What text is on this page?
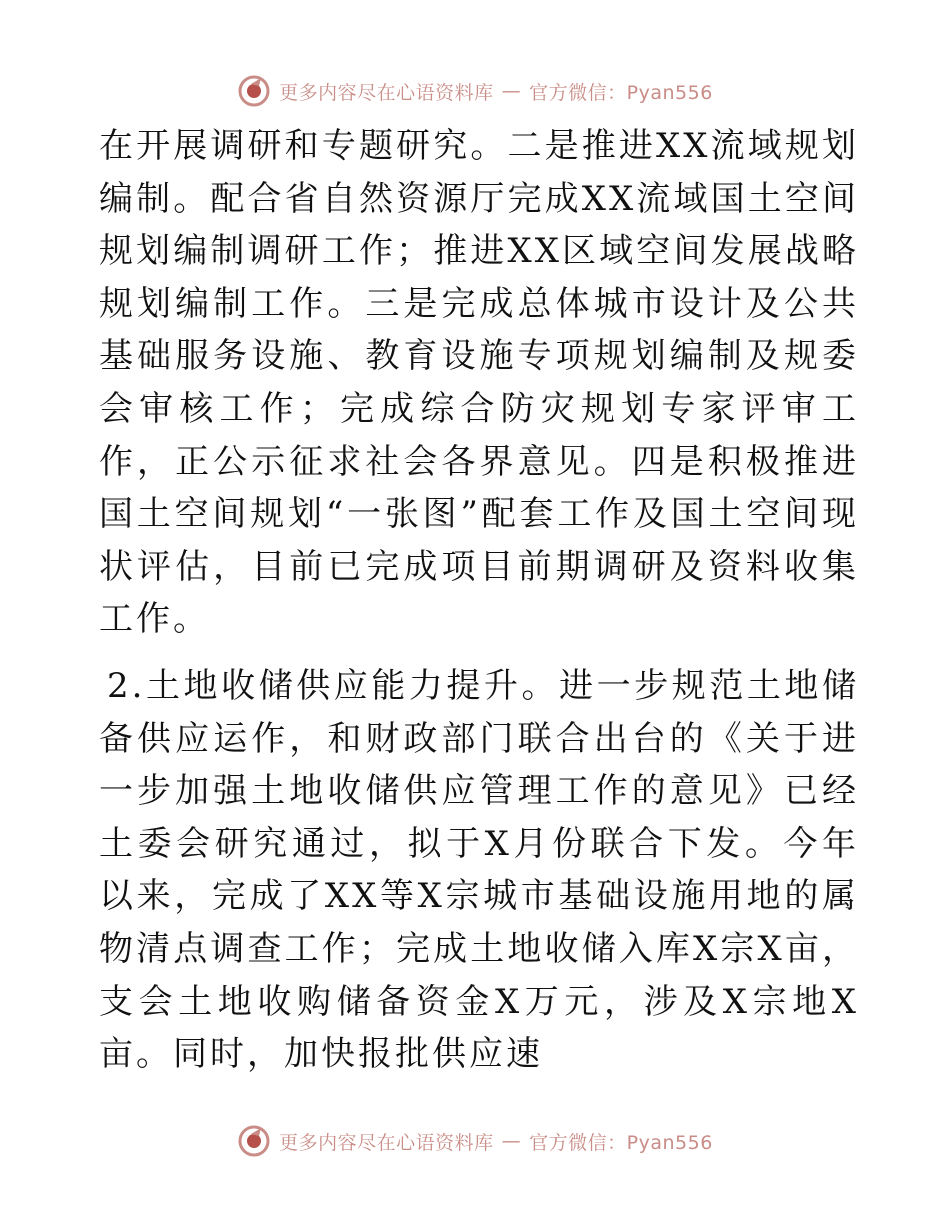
更多内容尽在心语资料库 — 官方微信：Pyan556

在开展调研和专题研究。二是推进XX流域规划编制。配合省自然资源厅完成XX流域国土空间规划编制调研工作；推进XX区域空间发展战略规划编制工作。三是完成总体城市设计及公共基础服务设施、教育设施专项规划编制及规委会审核工作；完成综合防灾规划专家评审工作，正公示征求社会各界意见。四是积极推进国土空间规划“一张图”配套工作及国土空间现状评估，目前已完成项目前期调研及资料收集工作。

2.土地收储供应能力提升。进一步规范土地储备供应运作，和财政部门联合出台的《关于进一步加强土地收储供应管理工作的意见》已经土委会研究通过，拟于X月份联合下发。今年以来，完成了XX等X宗城市基础设施用地的属物清点调查工作；完成土地收储入库X宗X亩，支会土地收购储备资金X万元，涉及X宗地X亩。同时，加快报批供应速

更多内容尽在心语资料库 — 官方微信：Pyan556
